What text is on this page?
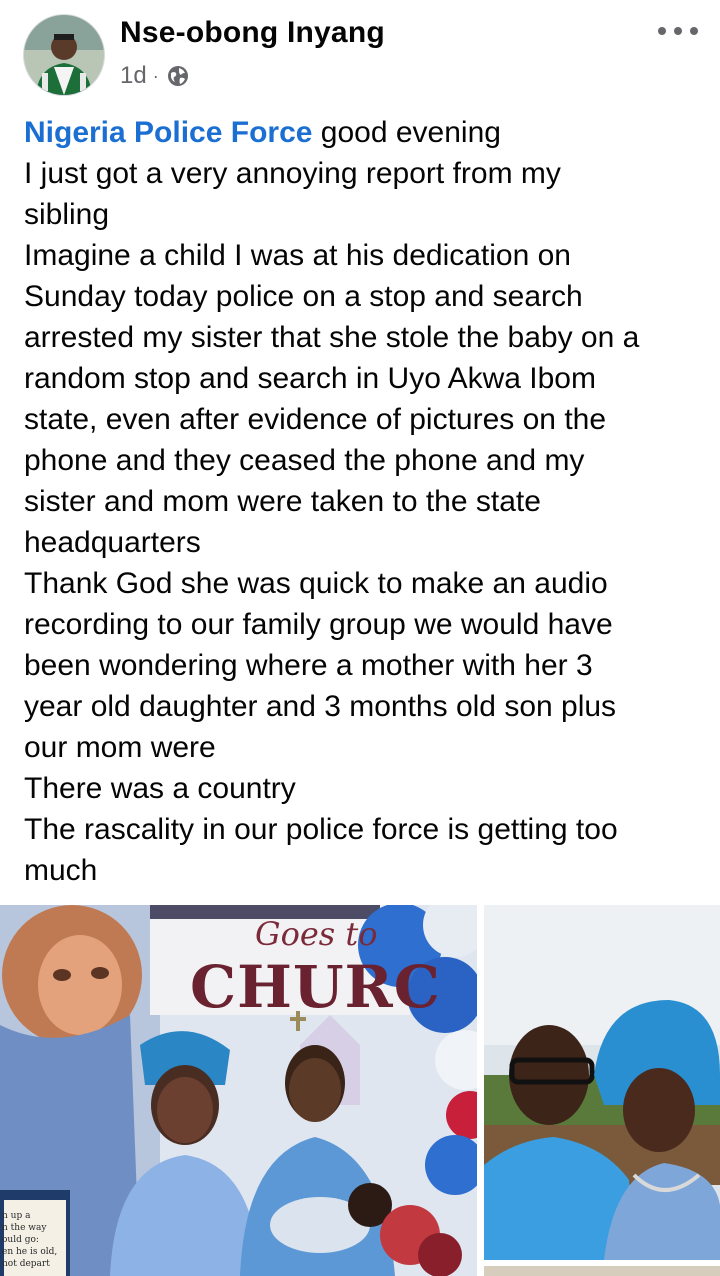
Nse-obong Inyang
1d ·
Nigeria Police Force good evening
I just got a very annoying report from my
sibling
Imagine a child I was at his dedication on
Sunday today police on a stop and search
arrested my sister that she stole the baby on a
random stop and search in Uyo Akwa Ibom
state, even after evidence of pictures on the
phone and they ceased the phone and my
sister and mom were taken to the state
headquarters
Thank God she was quick to make an audio
recording to our family group we would have
been wondering where a mother with her 3
year old daughter and 3 months old son plus
our mom were
There was a country
The rascality in our police force is getting too
much
Goes to
CHURC
n up a
n the way
ould go:
en he is old,
not depart
